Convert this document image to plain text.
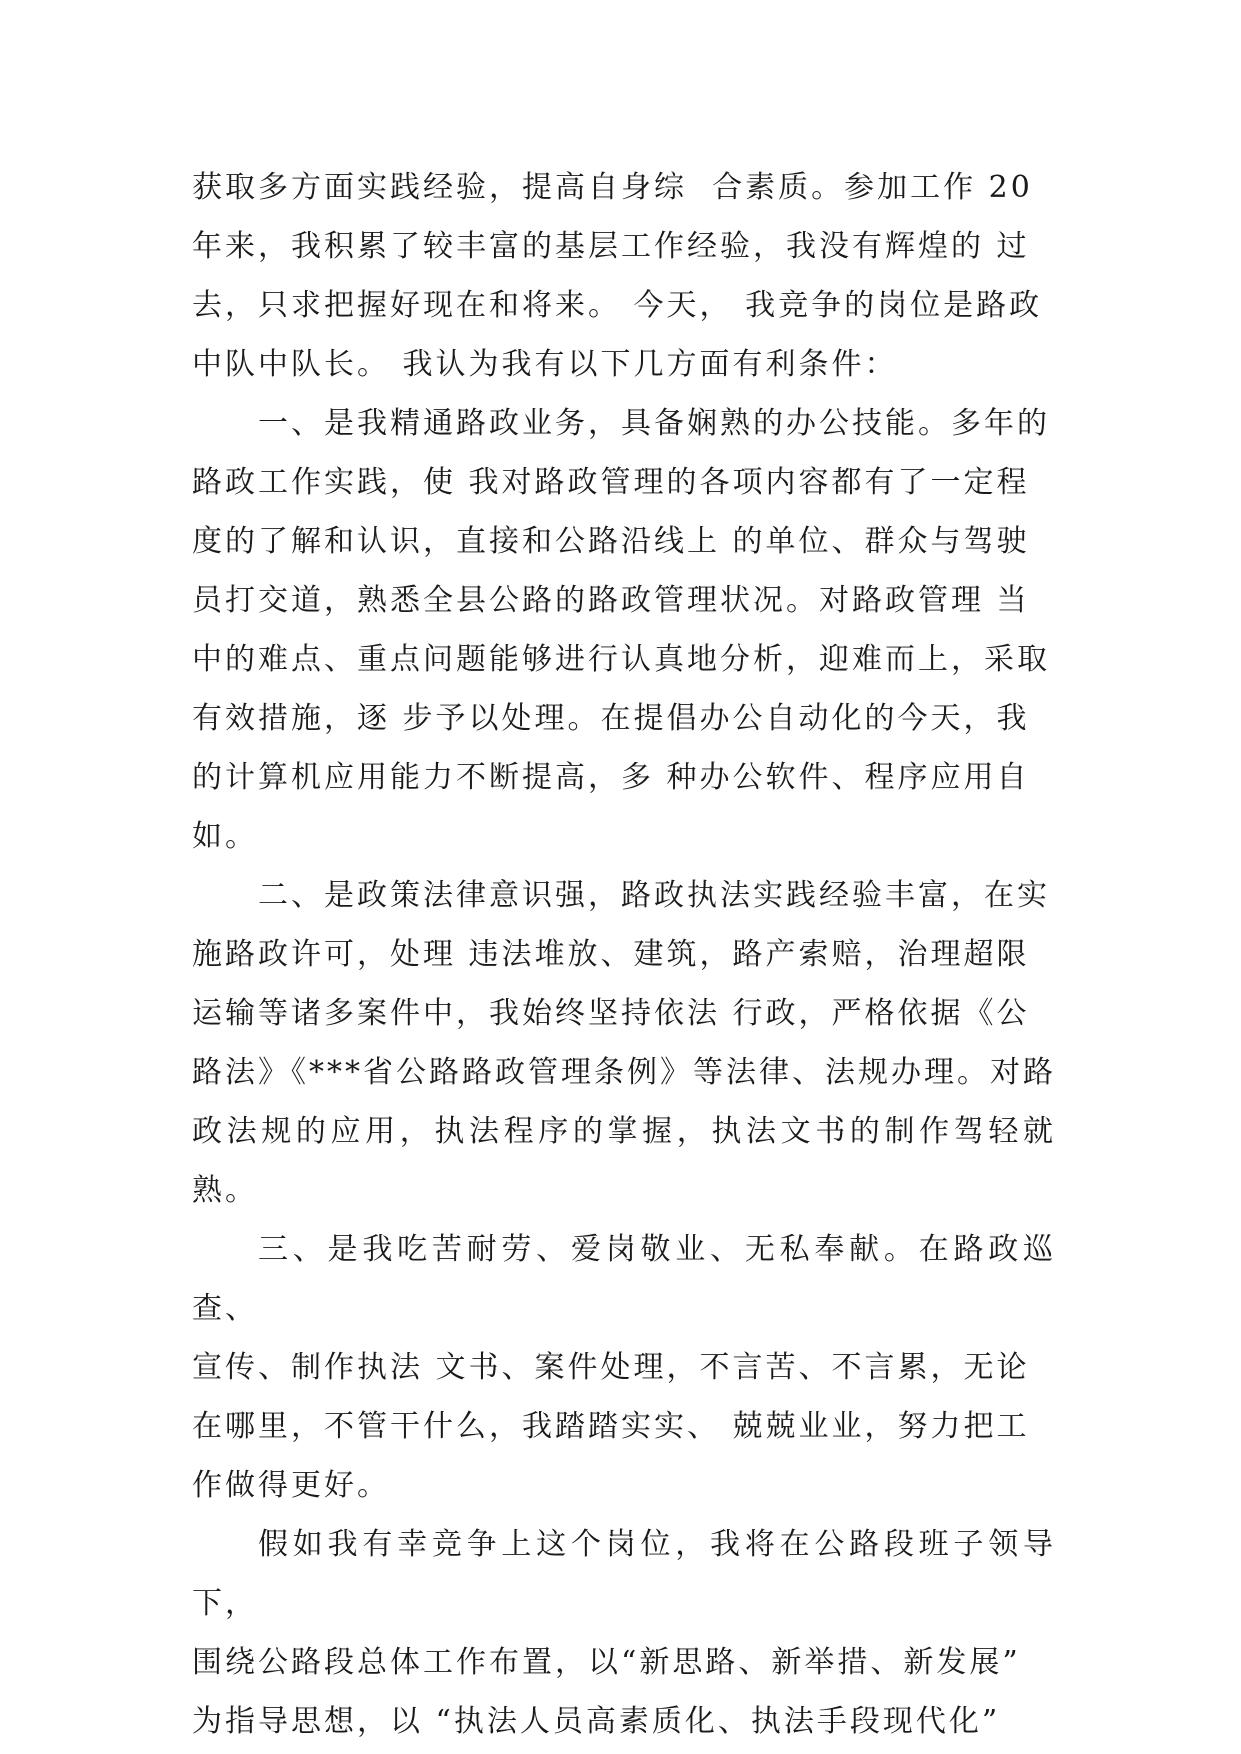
获取多方面实践经验，提高自身综  合素质。参加工作 20
年来，我积累了较丰富的基层工作经验，我没有辉煌的 过
去，只求把握好现在和将来。 今天， 我竞争的岗位是路政
中队中队长。 我认为我有以下几方面有利条件：

一、是我精通路政业务，具备娴熟的办公技能。多年的
路政工作实践，使 我对路政管理的各项内容都有了一定程
度的了解和认识，直接和公路沿线上 的单位、群众与驾驶
员打交道，熟悉全县公路的路政管理状况。对路政管理 当
中的难点、重点问题能够进行认真地分析，迎难而上，采取
有效措施，逐 步予以处理。在提倡办公自动化的今天，我
的计算机应用能力不断提高，多 种办公软件、程序应用自
如。

二、是政策法律意识强，路政执法实践经验丰富，在实
施路政许可，处理 违法堆放、建筑，路产索赔，治理超限
运输等诸多案件中，我始终坚持依法 行政，严格依据《公
路法》《***省公路路政管理条例》等法律、法规办理。对路
政法规的应用，执法程序的掌握，执法文书的制作驾轻就熟。

三、是我吃苦耐劳、爱岗敬业、无私奉献。在路政巡查、
宣传、制作执法 文书、案件处理，不言苦、不言累，无论
在哪里，不管干什么，我踏踏实实、 兢兢业业，努力把工
作做得更好。

假如我有幸竞争上这个岗位，我将在公路段班子领导下，
围绕公路段总体工作布置，以“新思路、新举措、新发展”
为指导思想，以 “执法人员高素质化、执法手段现代化”
